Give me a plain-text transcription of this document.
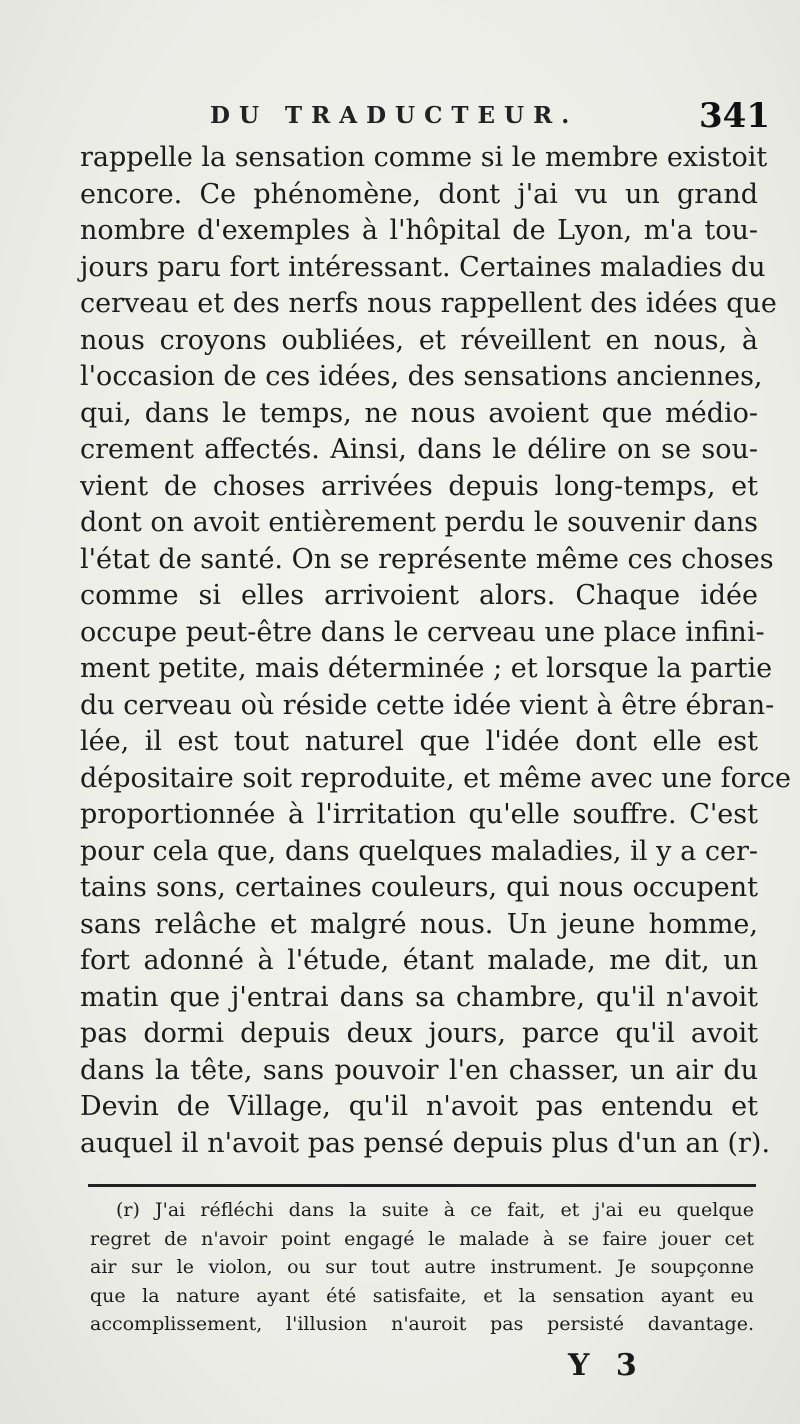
DU TRADUCTEUR.	341
rappelle la sensation comme si le membre existoit
encore. Ce phénomène, dont j'ai vu un grand
nombre d'exemples à l'hôpital de Lyon, m'a tou-
jours paru fort intéressant. Certaines maladies du
cerveau et des nerfs nous rappellent des idées que
nous croyons oubliées, et réveillent en nous, à
l'occasion de ces idées, des sensations anciennes,
qui, dans le temps, ne nous avoient que médio-
crement affectés. Ainsi, dans le délire on se sou-
vient de choses arrivées depuis long-temps, et
dont on avoit entièrement perdu le souvenir dans
l'état de santé. On se représente même ces choses
comme si elles arrivoient alors. Chaque idée
occupe peut-être dans le cerveau une place infini-
ment petite, mais déterminée ; et lorsque la partie
du cerveau où réside cette idée vient à être ébran-
lée, il est tout naturel que l'idée dont elle est
dépositaire soit reproduite, et même avec une force
proportionnée à l'irritation qu'elle souffre. C'est
pour cela que, dans quelques maladies, il y a cer-
tains sons, certaines couleurs, qui nous occupent
sans relâche et malgré nous. Un jeune homme,
fort adonné à l'étude, étant malade, me dit, un
matin que j'entrai dans sa chambre, qu'il n'avoit
pas dormi depuis deux jours, parce qu'il avoit
dans la tête, sans pouvoir l'en chasser, un air du
Devin de Village, qu'il n'avoit pas entendu et
auquel il n'avoit pas pensé depuis plus d'un an (r).
(r) J'ai réfléchi dans la suite à ce fait, et j'ai eu quelque
regret de n'avoir point engagé le malade à se faire jouer cet
air sur le violon, ou sur tout autre instrument. Je soupçonne
que la nature ayant été satisfaite, et la sensation ayant eu
accomplissement, l'illusion n'auroit pas persisté davantage.
Y 3
